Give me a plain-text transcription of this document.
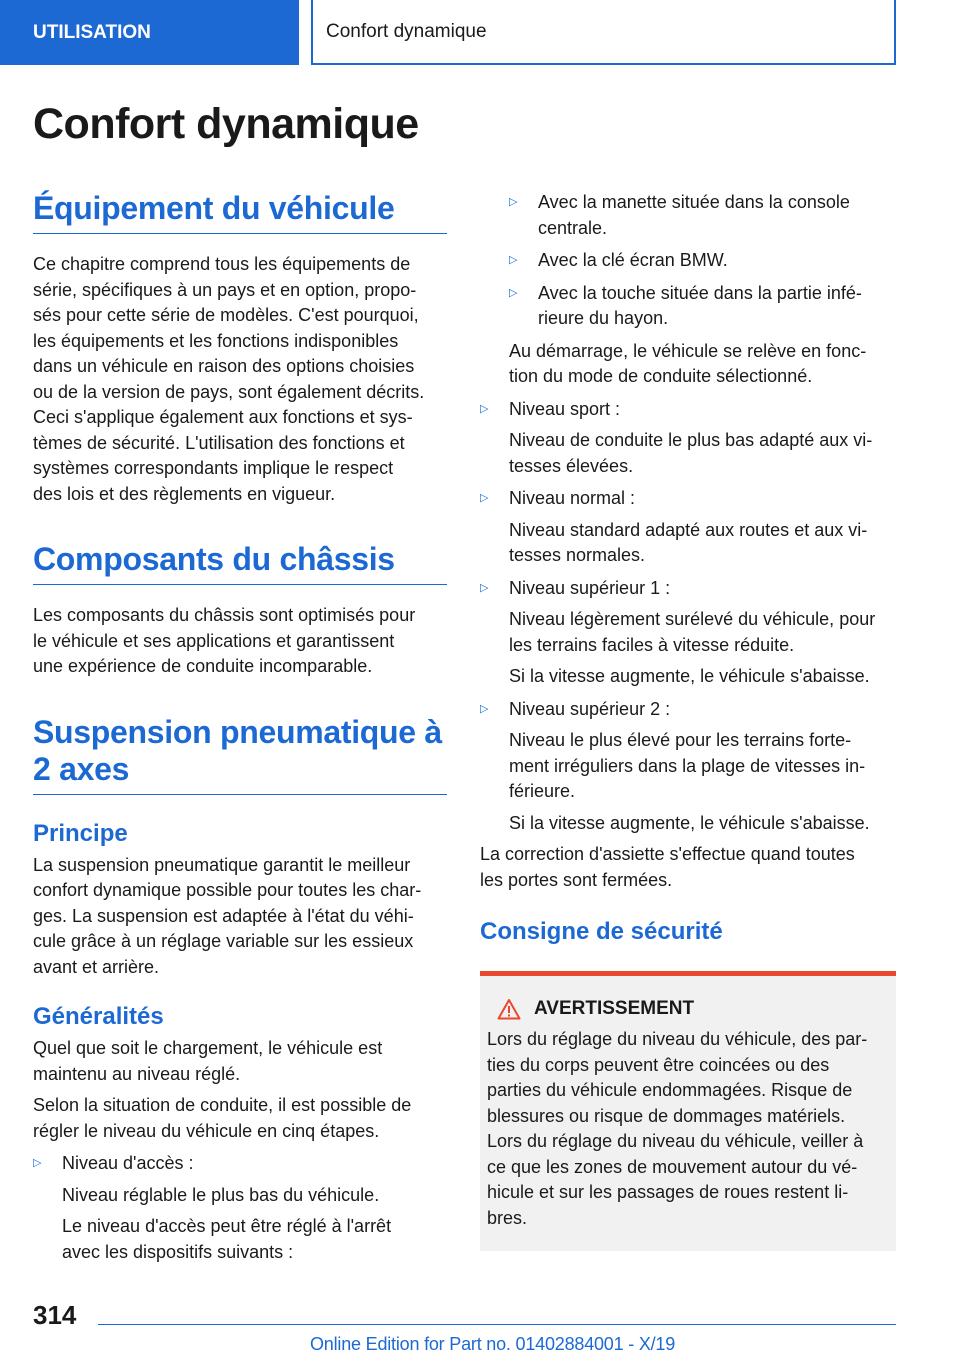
UTILISATION	Confort dynamique
Confort dynamique
Équipement du véhicule

Ce chapitre comprend tous les équipements de
série, spécifiques à un pays et en option, propo-
sés pour cette série de modèles. C'est pourquoi,
les équipements et les fonctions indisponibles
dans un véhicule en raison des options choisies
ou de la version de pays, sont également décrits.
Ceci s'applique également aux fonctions et sys-
tèmes de sécurité. L'utilisation des fonctions et
systèmes correspondants implique le respect
des lois et des règlements en vigueur.

Composants du châssis

Les composants du châssis sont optimisés pour
le véhicule et ses applications et garantissent
une expérience de conduite incomparable.

Suspension pneumatique à
2 axes
Principe

La suspension pneumatique garantit le meilleur
confort dynamique possible pour toutes les char-
ges. La suspension est adaptée à l'état du véhi-
cule grâce à un réglage variable sur les essieux
avant et arrière.

Généralités

Quel que soit le chargement, le véhicule est
maintenu au niveau réglé.

Selon la situation de conduite, il est possible de
régler le niveau du véhicule en cinq étapes.

▷ Niveau d'accès :

Niveau réglable le plus bas du véhicule.

Le niveau d'accès peut être réglé à l'arrêt
avec les dispositifs suivants :

▷ Avec la manette située dans la console
centrale.

▷ Avec la clé écran BMW.

▷ Avec la touche située dans la partie infé-
rieure du hayon.

Au démarrage, le véhicule se relève en fonc-
tion du mode de conduite sélectionné.

▷ Niveau sport :

Niveau de conduite le plus bas adapté aux vi-
tesses élevées.

▷ Niveau normal :

Niveau standard adapté aux routes et aux vi-
tesses normales.

▷ Niveau supérieur 1 :

Niveau légèrement surélevé du véhicule, pour
les terrains faciles à vitesse réduite.

Si la vitesse augmente, le véhicule s'abaisse.

▷ Niveau supérieur 2 :

Niveau le plus élevé pour les terrains forte-
ment irréguliers dans la plage de vitesses in-
férieure.

Si la vitesse augmente, le véhicule s'abaisse.

La correction d'assiette s'effectue quand toutes
les portes sont fermées.

Consigne de sécurité
AVERTISSEMENT

Lors du réglage du niveau du véhicule, des par-
ties du corps peuvent être coincées ou des
parties du véhicule endommagées. Risque de
blessures ou risque de dommages matériels.
Lors du réglage du niveau du véhicule, veiller à
ce que les zones de mouvement autour du vé-
hicule et sur les passages de roues restent li-
bres.

314
Online Edition for Part no. 01402884001 - X/19
